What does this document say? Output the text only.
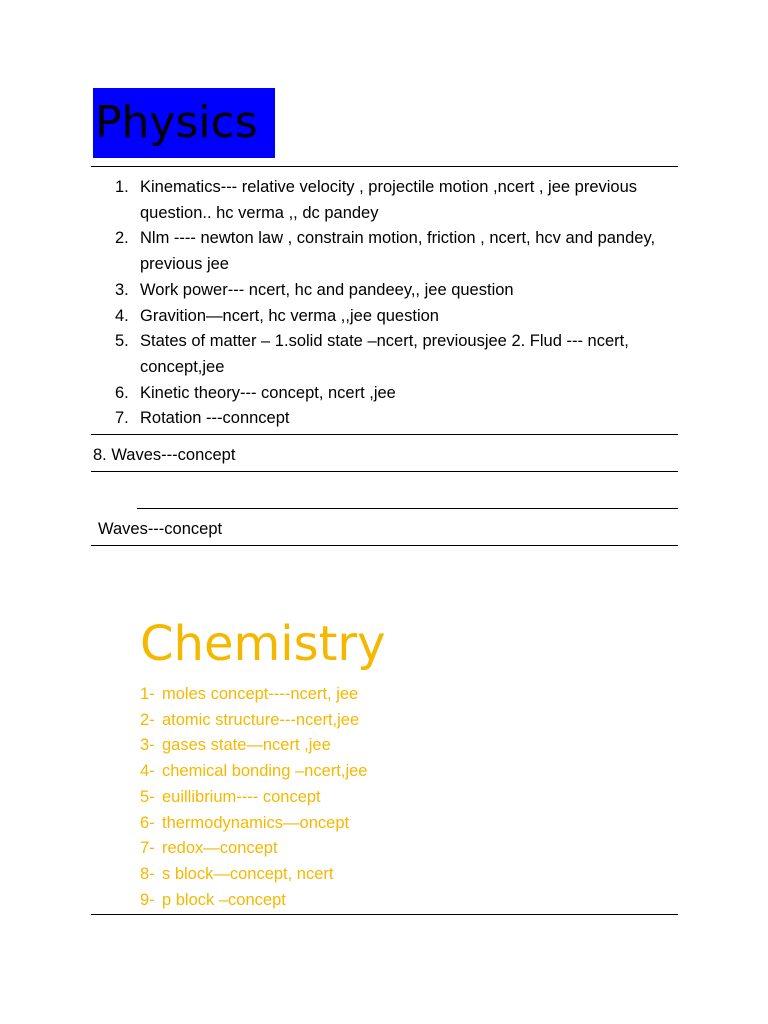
Physics
1. Kinematics--- relative velocity , projectile motion ,ncert , jee previous question.. hc verma ,, dc pandey
2. Nlm ---- newton law , constrain motion, friction , ncert, hcv and pandey, previous jee
3. Work power--- ncert, hc and pandeey,, jee question
4. Gravition—ncert, hc verma ,,jee question
5. States of matter – 1.solid state –ncert, previousjee 2. Flud --- ncert, concept,jee
6. Kinetic theory--- concept, ncert ,jee
7. Rotation ---conncept
8. Waves---concept
Waves---concept
Chemistry
1- moles concept----ncert, jee
2- atomic structure---ncert,jee
3- gases state—ncert ,jee
4- chemical bonding –ncert,jee
5- euillibrium---- concept
6- thermodynamics—oncept
7- redox—concept
8- s block—concept, ncert
9- p block –concept
